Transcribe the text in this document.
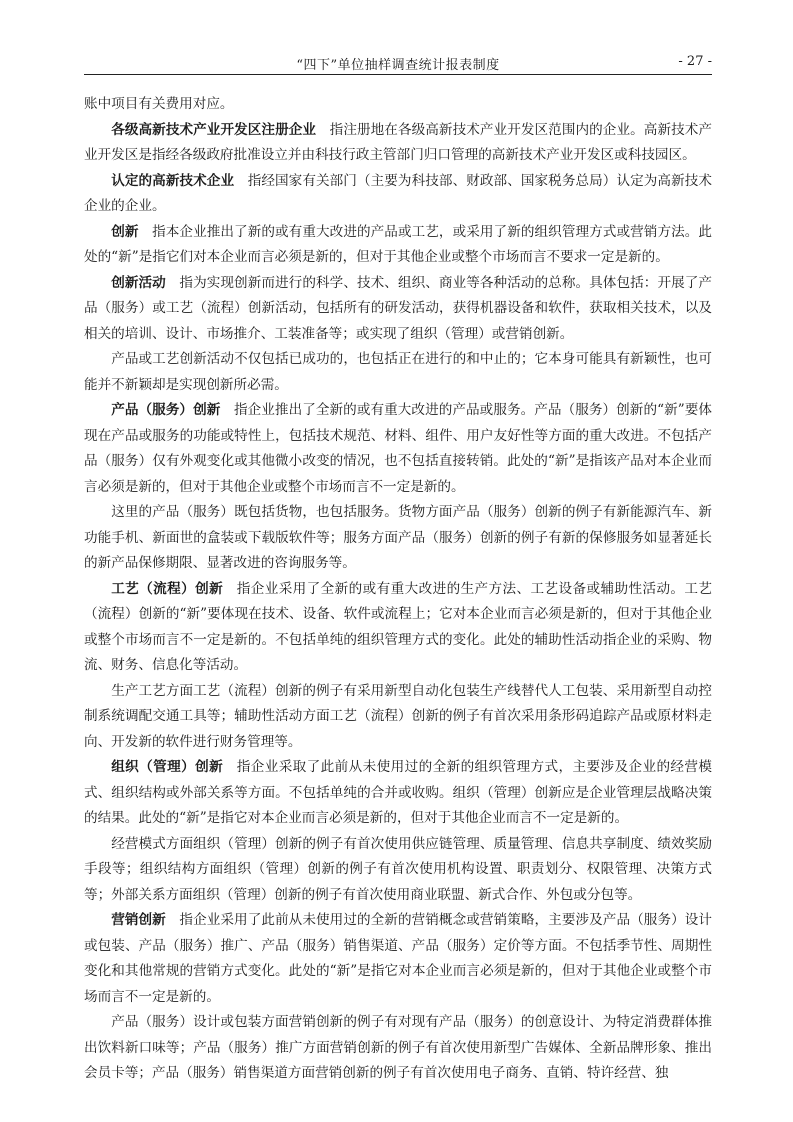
“四下”单位抽样调查统计报表制度	- 27 -

账中项目有关费用对应。

各级高新技术产业开发区注册企业 指注册地在各级高新技术产业开发区范围内的企业。高新技术产业开发区是指经各级政府批准设立并由科技行政主管部门归口管理的高新技术产业开发区或科技园区。

认定的高新技术企业 指经国家有关部门（主要为科技部、财政部、国家税务总局）认定为高新技术企业的企业。

创新 指本企业推出了新的或有重大改进的产品或工艺，或采用了新的组织管理方式或营销方法。此处的“新”是指它们对本企业而言必须是新的，但对于其他企业或整个市场而言不要求一定是新的。

创新活动 指为实现创新而进行的科学、技术、组织、商业等各种活动的总称。具体包括：开展了产品（服务）或工艺（流程）创新活动，包括所有的研发活动，获得机器设备和软件，获取相关技术，以及相关的培训、设计、市场推介、工装准备等；或实现了组织（管理）或营销创新。

产品或工艺创新活动不仅包括已成功的，也包括正在进行的和中止的；它本身可能具有新颖性，也可能并不新颖却是实现创新所必需。

产品（服务）创新 指企业推出了全新的或有重大改进的产品或服务。产品（服务）创新的“新”要体现在产品或服务的功能或特性上，包括技术规范、材料、组件、用户友好性等方面的重大改进。不包括产品（服务）仅有外观变化或其他微小改变的情况，也不包括直接转销。此处的“新”是指该产品对本企业而言必须是新的，但对于其他企业或整个市场而言不一定是新的。

这里的产品（服务）既包括货物，也包括服务。货物方面产品（服务）创新的例子有新能源汽车、新功能手机、新面世的盒装或下载版软件等；服务方面产品（服务）创新的例子有新的保修服务如显著延长的新产品保修期限、显著改进的咨询服务等。

工艺（流程）创新 指企业采用了全新的或有重大改进的生产方法、工艺设备或辅助性活动。工艺（流程）创新的“新”要体现在技术、设备、软件或流程上；它对本企业而言必须是新的，但对于其他企业或整个市场而言不一定是新的。不包括单纯的组织管理方式的变化。此处的辅助性活动指企业的采购、物流、财务、信息化等活动。

生产工艺方面工艺（流程）创新的例子有采用新型自动化包装生产线替代人工包装、采用新型自动控制系统调配交通工具等；辅助性活动方面工艺（流程）创新的例子有首次采用条形码追踪产品或原材料走向、开发新的软件进行财务管理等。

组织（管理）创新 指企业采取了此前从未使用过的全新的组织管理方式，主要涉及企业的经营模式、组织结构或外部关系等方面。不包括单纯的合并或收购。组织（管理）创新应是企业管理层战略决策的结果。此处的“新”是指它对本企业而言必须是新的，但对于其他企业而言不一定是新的。

经营模式方面组织（管理）创新的例子有首次使用供应链管理、质量管理、信息共享制度、绩效奖励手段等；组织结构方面组织（管理）创新的例子有首次使用机构设置、职责划分、权限管理、决策方式等；外部关系方面组织（管理）创新的例子有首次使用商业联盟、新式合作、外包或分包等。

营销创新 指企业采用了此前从未使用过的全新的营销概念或营销策略，主要涉及产品（服务）设计或包装、产品（服务）推广、产品（服务）销售渠道、产品（服务）定价等方面。不包括季节性、周期性变化和其他常规的营销方式变化。此处的“新”是指它对本企业而言必须是新的，但对于其他企业或整个市场而言不一定是新的。

产品（服务）设计或包装方面营销创新的例子有对现有产品（服务）的创意设计、为特定消费群体推出饮料新口味等；产品（服务）推广方面营销创新的例子有首次使用新型广告媒体、全新品牌形象、推出会员卡等；产品（服务）销售渠道方面营销创新的例子有首次使用电子商务、直销、特许经营、独
